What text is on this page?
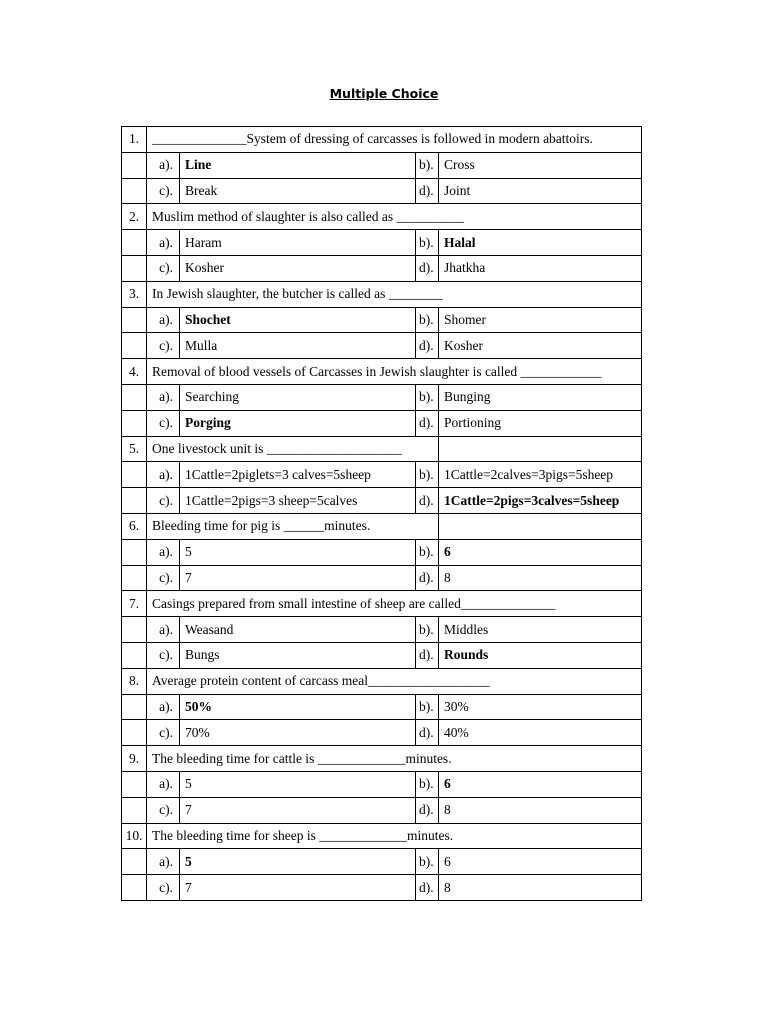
Multiple Choice
1.	______________System of dressing of carcasses is followed in modern abattoirs.			
	a).	Line	b).	Cross
	c).	Break	d).	Joint
2.	Muslim method of slaughter is also called as __________			
	a).	Haram	b).	Halal
	c).	Kosher	d).	Jhatkha
3.	In Jewish slaughter, the butcher is called as ________			
	a).	Shochet	b).	Shomer
	c).	Mulla	d).	Kosher
4.	Removal of blood vessels of Carcasses in Jewish slaughter is called ____________			
	a).	Searching	b).	Bunging
	c).	Porging	d).	Portioning
5.	One livestock unit is ____________________			
	a).	1Cattle=2piglets=3 calves=5sheep	b).	1Cattle=2calves=3pigs=5sheep
	c).	1Cattle=2pigs=3 sheep=5calves	d).	1Cattle=2pigs=3calves=5sheep
6.	Bleeding time for pig is ______minutes.			
	a).	5	b).	6
	c).	7	d).	8
7.	Casings prepared from small intestine of sheep are called______________			
	a).	Weasand	b).	Middles
	c).	Bungs	d).	Rounds
8.	Average protein content of carcass meal__________________			
	a).	50%	b).	30%
	c).	70%	d).	40%
9.	The bleeding time for cattle is _____________minutes.			
	a).	5	b).	6
	c).	7	d).	8
10.	The bleeding time for sheep is _____________minutes.			
	a).	5	b).	6
	c).	7	d).	8
